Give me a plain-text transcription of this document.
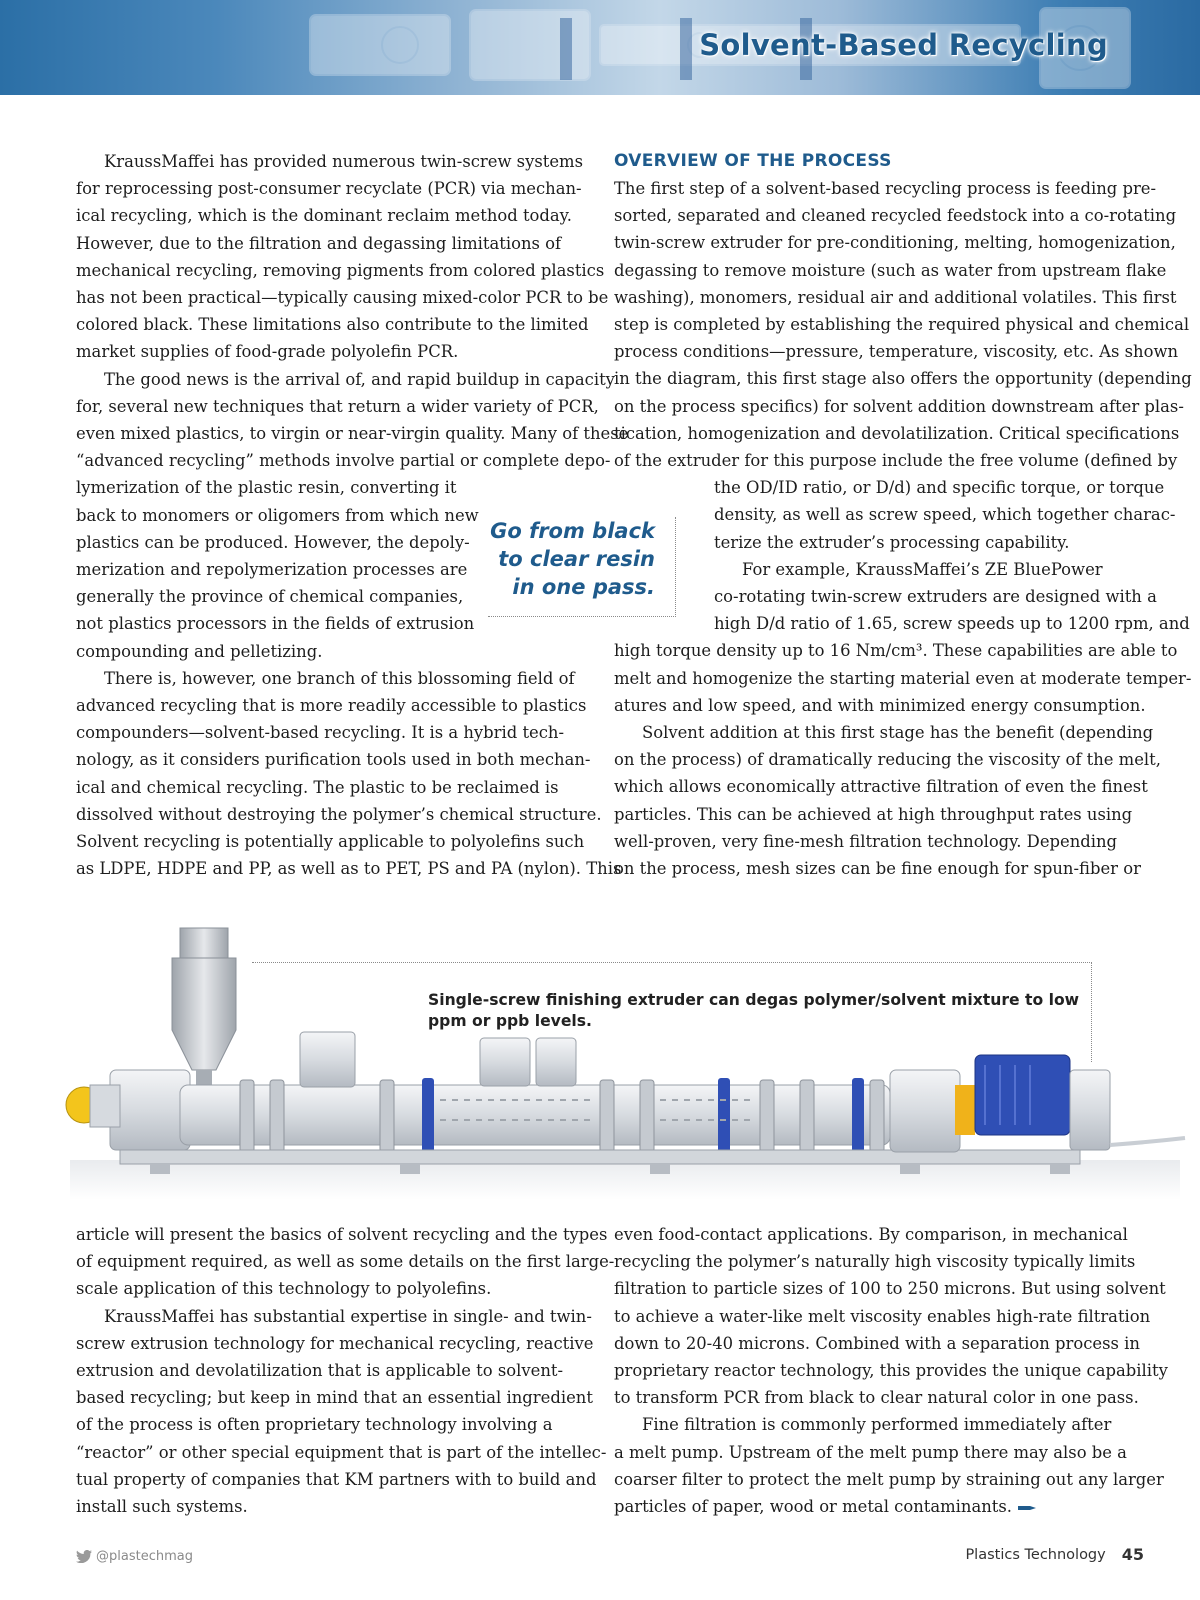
Solvent-Based Recycling
KraussMaffei has provided numerous twin-screw systems
for reprocessing post-consumer recyclate (PCR) via mechan-
ical recycling, which is the dominant reclaim method today.
However, due to the filtration and degassing limitations of
mechanical recycling, removing pigments from colored plastics
has not been practical—typically causing mixed-color PCR to be
colored black. These limitations also contribute to the limited
market supplies of food-grade polyolefin PCR.
The good news is the arrival of, and rapid buildup in capacity
for, several new techniques that return a wider variety of PCR,
even mixed plastics, to virgin or near-virgin quality. Many of these
“advanced recycling” methods involve partial or complete depo-
lymerization of the plastic resin, converting it
back to monomers or oligomers from which new
plastics can be produced. However, the depoly-
merization and repolymerization processes are
generally the province of chemical companies,
not plastics processors in the fields of extrusion
compounding and pelletizing.
There is, however, one branch of this blossoming field of
advanced recycling that is more readily accessible to plastics
compounders—solvent-based recycling. It is a hybrid tech-
nology, as it considers purification tools used in both mechan-
ical and chemical recycling. The plastic to be reclaimed is
dissolved without destroying the polymer’s chemical structure.
Solvent recycling is potentially applicable to polyolefins such
as LDPE, HDPE and PP, as well as to PET, PS and PA (nylon). This
Go from black
to clear resin
in one pass.
OVERVIEW OF THE PROCESS
The first step of a solvent-based recycling process is feeding pre-
sorted, separated and cleaned recycled feedstock into a co-rotating
twin-screw extruder for pre-conditioning, melting, homogenization,
degassing to remove moisture (such as water from upstream flake
washing), monomers, residual air and additional volatiles. This first
step is completed by establishing the required physical and chemical
process conditions—pressure, temperature, viscosity, etc. As shown
in the diagram, this first stage also offers the opportunity (depending
on the process specifics) for solvent addition downstream after plas-
tication, homogenization and devolatilization. Critical specifications
of the extruder for this purpose include the free volume (defined by
the OD/ID ratio, or D/d) and specific torque, or torque
density, as well as screw speed, which together charac-
terize the extruder’s processing capability.
For example, KraussMaffei’s ZE BluePower
co-rotating twin-screw extruders are designed with a
high D/d ratio of 1.65, screw speeds up to 1200 rpm, and
high torque density up to 16 Nm/cm³. These capabilities are able to
melt and homogenize the starting material even at moderate temper-
atures and low speed, and with minimized energy consumption.
Solvent addition at this first stage has the benefit (depending
on the process) of dramatically reducing the viscosity of the melt,
which allows economically attractive filtration of even the finest
particles. This can be achieved at high throughput rates using
well-proven, very fine-mesh filtration technology. Depending
on the process, mesh sizes can be fine enough for spun-fiber or
Single-screw finishing extruder can degas polymer/solvent mixture to low ppm or ppb levels.
article will present the basics of solvent recycling and the types
of equipment required, as well as some details on the first large-
scale application of this technology to polyolefins.
KraussMaffei has substantial expertise in single- and twin-
screw extrusion technology for mechanical recycling, reactive
extrusion and devolatilization that is applicable to solvent-
based recycling; but keep in mind that an essential ingredient
of the process is often proprietary technology involving a
“reactor” or other special equipment that is part of the intellec-
tual property of companies that KM partners with to build and
install such systems.
even food-contact applications. By comparison, in mechanical
recycling the polymer’s naturally high viscosity typically limits
filtration to particle sizes of 100 to 250 microns. But using solvent
to achieve a water-like melt viscosity enables high-rate filtration
down to 20-40 microns. Combined with a separation process in
proprietary reactor technology, this provides the unique capability
to transform PCR from black to clear natural color in one pass.
Fine filtration is commonly performed immediately after
a melt pump. Upstream of the melt pump there may also be a
coarser filter to protect the melt pump by straining out any larger
particles of paper, wood or metal contaminants.
@plastechmag	Plastics Technology 45
